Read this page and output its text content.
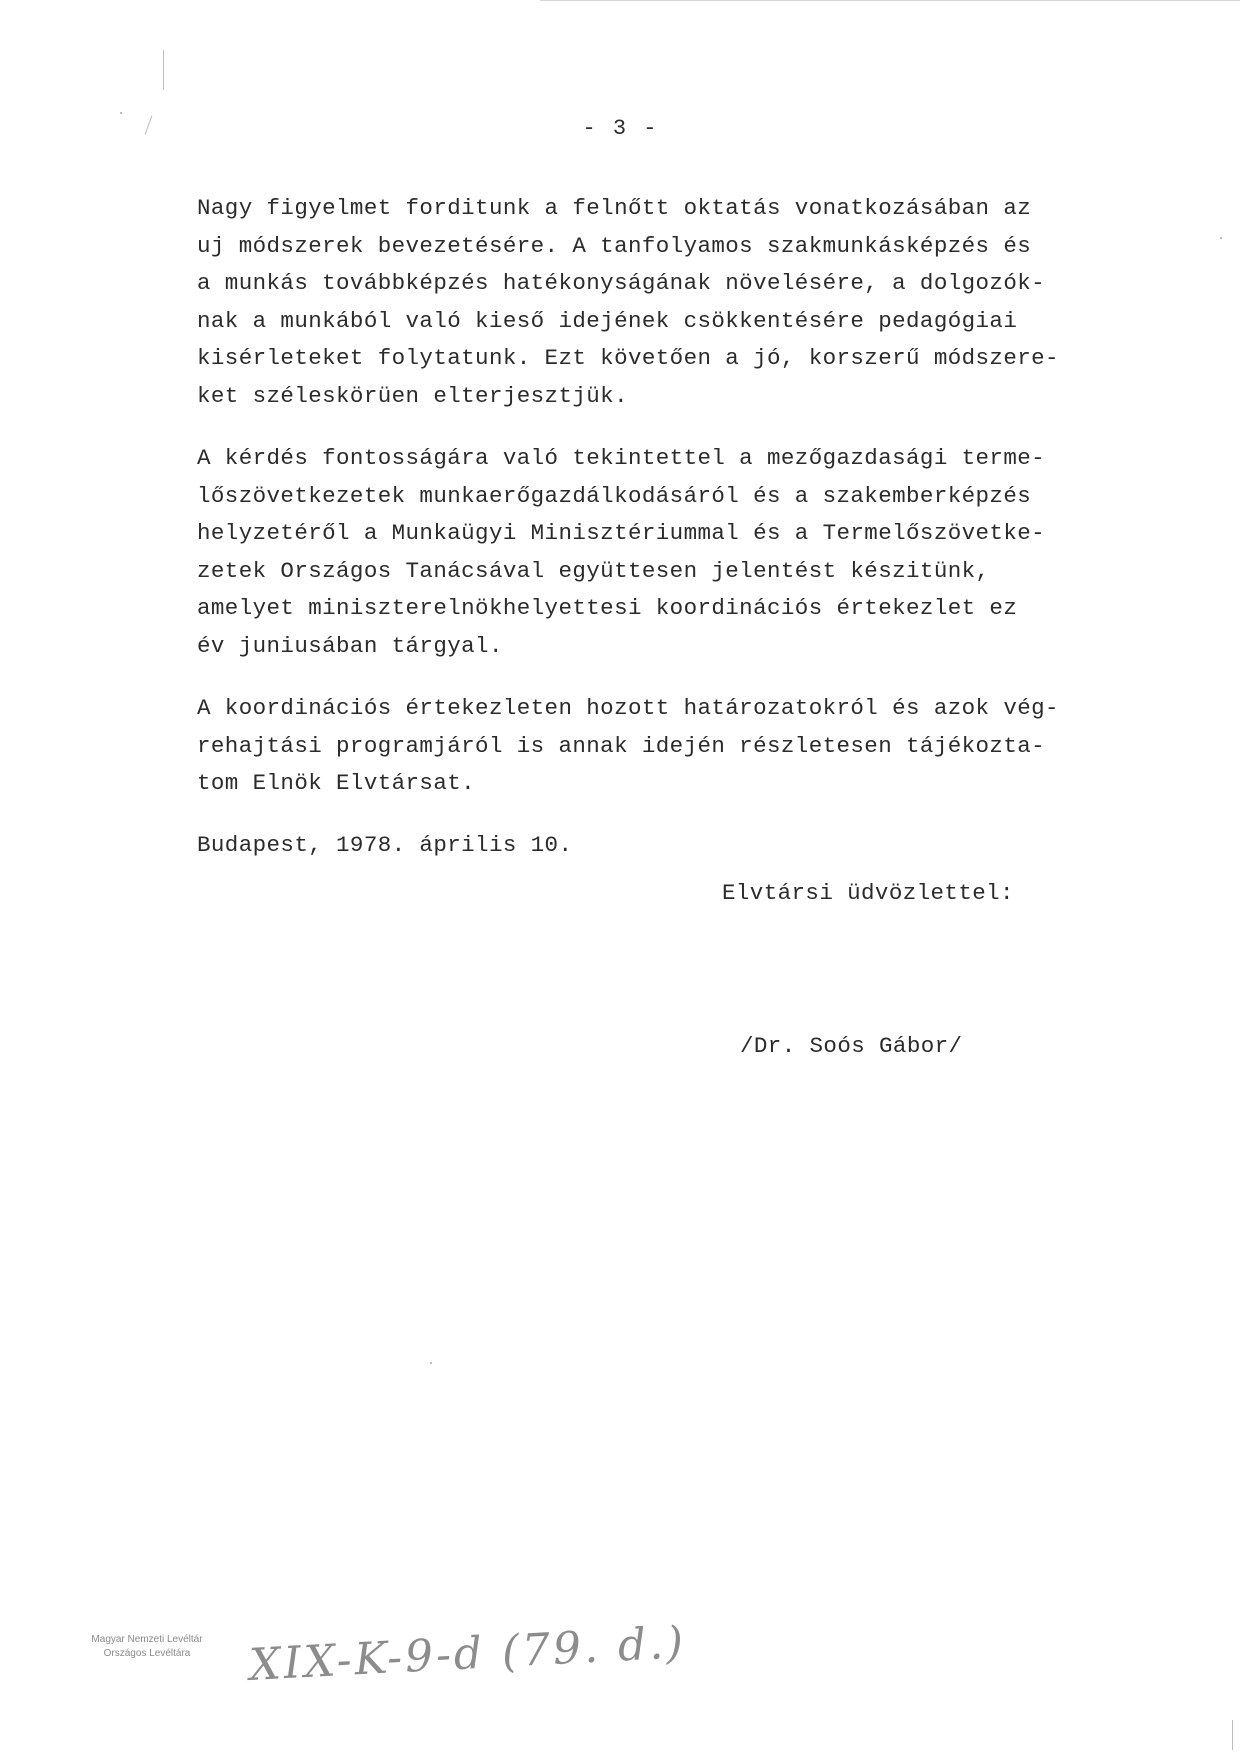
- 3 -

Nagy figyelmet forditunk a felnőtt oktatás vonatkozásában az
uj módszerek bevezetésére. A tanfolyamos szakmunkásképzés és
a munkás továbbképzés hatékonyságának növelésére, a dolgozók-
nak a munkából való kieső idejének csökkentésére pedagógiai
kisérleteket folytatunk. Ezt követően a jó, korszerű módszere-
ket széleskörüen elterjesztjük.

A kérdés fontosságára való tekintettel a mezőgazdasági terme-
lőszövetkezetek munkaerőgazdálkodásáról és a szakemberképzés
helyzetéről a Munkaügyi Minisztériummal és a Termelőszövetke-
zetek Országos Tanácsával együttesen jelentést készitünk,
amelyet miniszterelnökhelyettesi koordinációs értekezlet ez
év juniusában tárgyal.

A koordinációs értekezleten hozott határozatokról és azok vég-
rehajtási programjáról is annak idején részletesen tájékozta-
tom Elnök Elvtársat.

Budapest, 1978. április 10.
Elvtársi üdvözlettel:
/Dr. Soós Gábor/
Magyar Nemzeti Levéltár
Országos Levéltára	XIX-K-9-d (79. d.)
